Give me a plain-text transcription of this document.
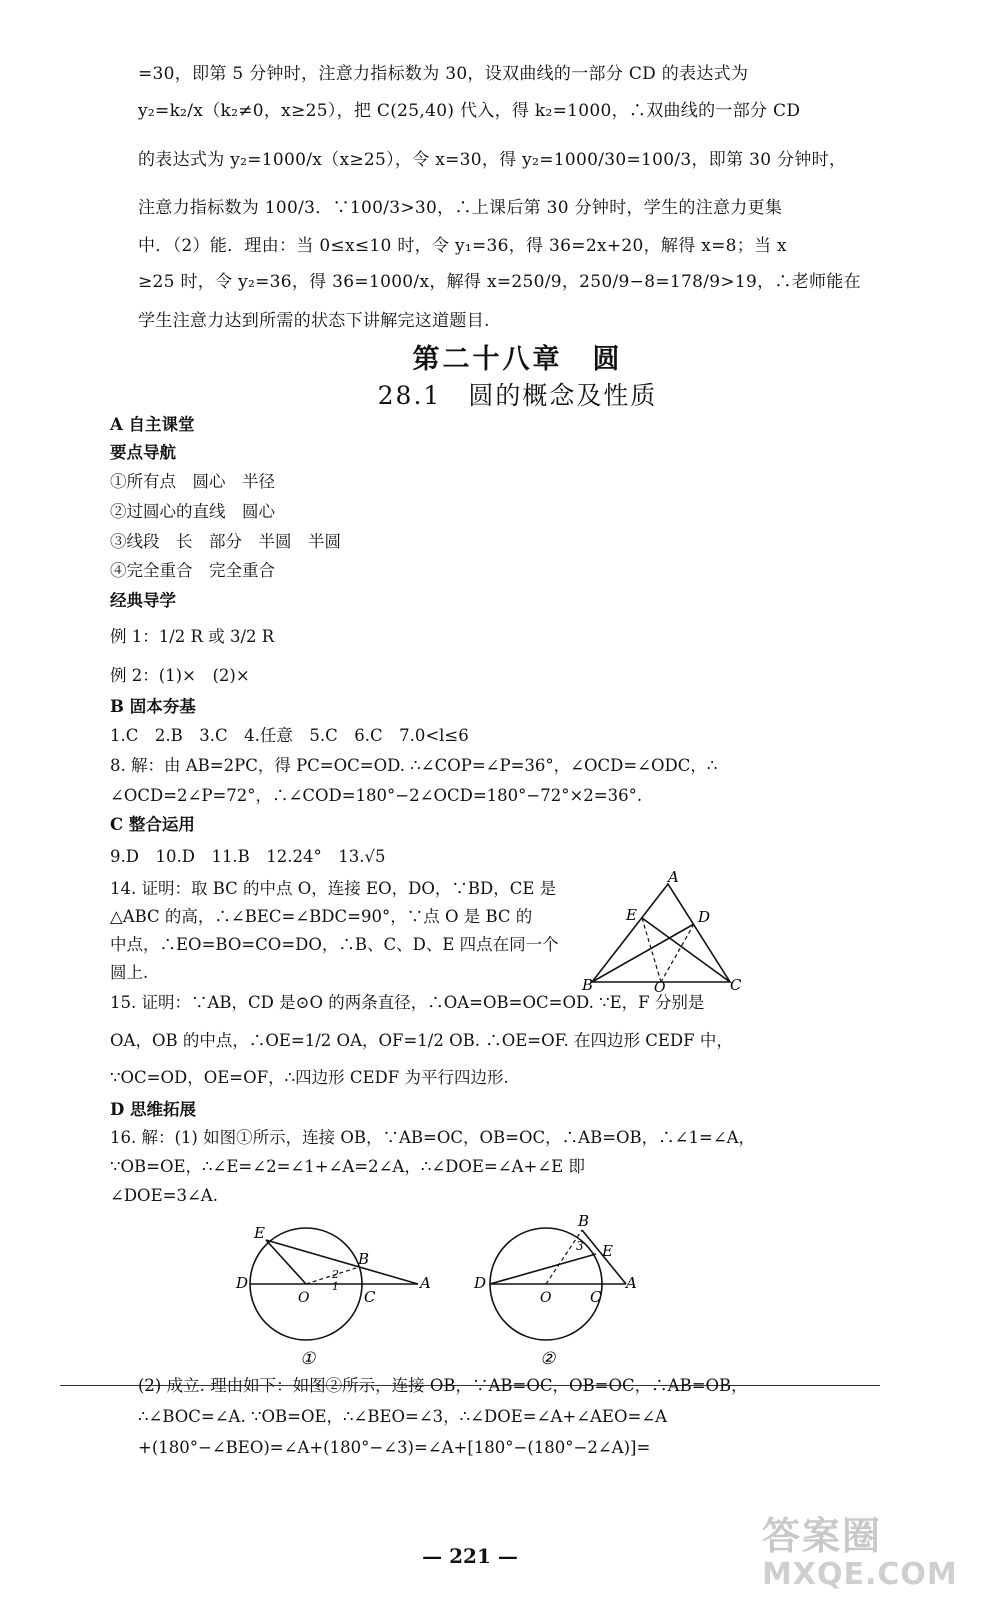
=30，即第 5 分钟时，注意力指标数为 30，设双曲线的一部分 CD 的表达式为
y₂=k₂/x（k₂≠0，x≥25），把 C(25,40) 代入，得 k₂=1000，∴双曲线的一部分 CD
的表达式为 y₂=1000/x（x≥25），令 x=30，得 y₂=1000/30=100/3，即第 30 分钟时，
注意力指标数为 100/3．∵100/3>30，∴上课后第 30 分钟时，学生的注意力更集
中．（2）能．理由：当 0≤x≤10 时，令 y₁=36，得 36=2x+20，解得 x=8；当 x
≥25 时，令 y₂=36，得 36=1000/x，解得 x=250/9，250/9−8=178/9>19，∴老师能在
学生注意力达到所需的状态下讲解完这道题目.
第二十八章　圆
28.1　圆的概念及性质
A 自主课堂
要点导航
①所有点　圆心　半径
②过圆心的直线　圆心
③线段　长　部分　半圆　半圆
④完全重合　完全重合
经典导学
例 1：1/2 R 或 3/2 R
例 2：(1)×　(2)×
B 固本夯基
1.C　2.B　3.C　4.任意　5.C　6.C　7.0<l≤6
8. 解：由 AB=2PC，得 PC=OC=OD. ∴∠COP=∠P=36°，∠OCD=∠ODC，∴
∠OCD=2∠P=72°，∴∠COD=180°−2∠OCD=180°−72°×2=36°.
C 整合运用
9.D　10.D　11.B　12.24°　13.√5
14. 证明：取 BC 的中点 O，连接 EO，DO，∵BD，CE 是
△ABC 的高，∴∠BEC=∠BDC=90°，∵点 O 是 BC 的
中点，∴EO=BO=CO=DO，∴B、C、D、E 四点在同一个
圆上.
15. 证明：∵AB，CD 是⊙O 的两条直径，∴OA=OB=OC=OD. ∵E，F 分别是
OA，OB 的中点，∴OE=1/2 OA，OF=1/2 OB. ∴OE=OF. 在四边形 CEDF 中，
∵OC=OD，OE=OF，∴四边形 CEDF 为平行四边形.
D 思维拓展
16. 解：(1) 如图①所示，连接 OB，∵AB=OC，OB=OC，∴AB=OB，∴∠1=∠A，
∵OB=OE，∴∠E=∠2=∠1+∠A=2∠A，∴∠DOE=∠A+∠E 即
∠DOE=3∠A.
A
B	C
D
E
O
E
B
D
O	C
A
1
2
①
B
E
D
O	C
A
3
②
(2) 成立. 理由如下：如图②所示，连接 OB，∵AB=OC，OB=OC，∴AB=OB，
∴∠BOC=∠A. ∵OB=OE，∴∠BEO=∠3，∴∠DOE=∠A+∠AEO=∠A
+(180°−∠BEO)=∠A+(180°−∠3)=∠A+[180°−(180°−2∠A)]=
— 221 —	答案圈
MXQE.COM
